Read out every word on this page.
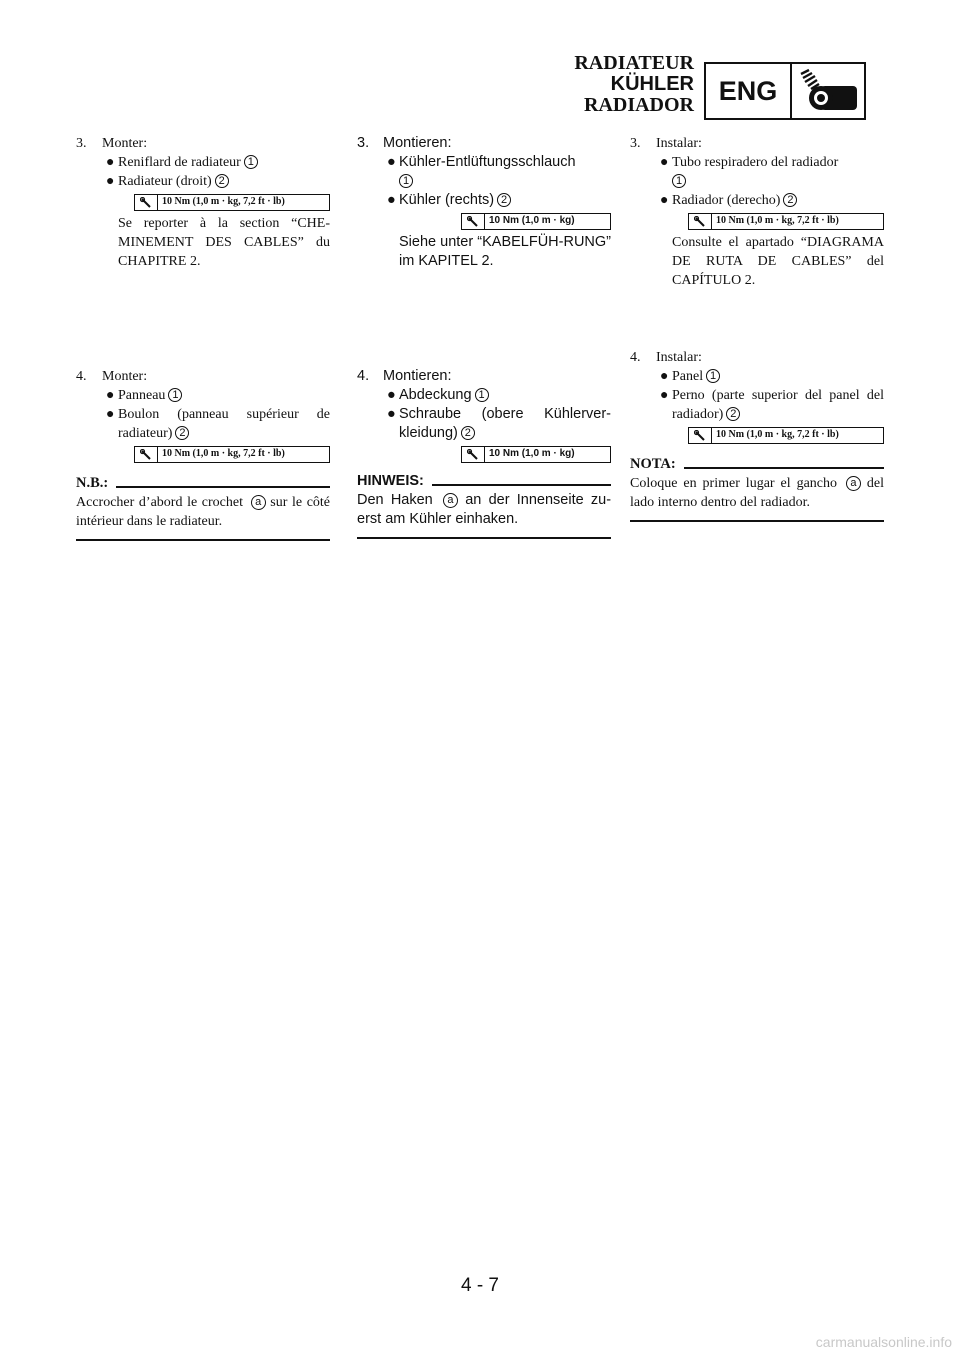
RADIATEUR
KÜHLER
RADIADOR ENG
3.	Monter:
● Reniflard de radiateur 1
● Radiateur (droit) 2
10 Nm (1,0 m · kg, 7,2 ft · lb)
Se reporter à la section “CHE-MINEMENT DES CABLES” du CHAPITRE 2.
4.	Monter:
● Panneau 1
● Boulon (panneau supérieur de radiateur) 2
10 Nm (1,0 m · kg, 7,2 ft · lb)
N.B.:
Accrocher d’abord le crochet a sur le côté intérieur dans le radiateur.
3. Montieren:
● Kühler-Entlüftungsschlauch
1
● Kühler (rechts) 2
10 Nm (1,0 m · kg)
Siehe unter “KABELFÜH-RUNG” im KAPITEL 2.
4. Montieren:
● Abdeckung 1
● Schraube (obere Kühlerver-kleidung) 2
10 Nm (1,0 m · kg)
HINWEIS:
Den Haken a an der Innenseite zu-erst am Kühler einhaken.
3.	Instalar:
● Tubo respiradero del radiador
1
● Radiador (derecho) 2
10 Nm (1,0 m · kg, 7,2 ft · lb)
Consulte el apartado “DIAGRAMA DE RUTA DE CABLES” del CAPÍTULO 2.
4.	Instalar:
● Panel 1
● Perno (parte superior del panel del radiador) 2
10 Nm (1,0 m · kg, 7,2 ft · lb)
NOTA:
Coloque en primer lugar el gancho a del lado interno dentro del radiador.
4 - 7
carmanualsonline.info
